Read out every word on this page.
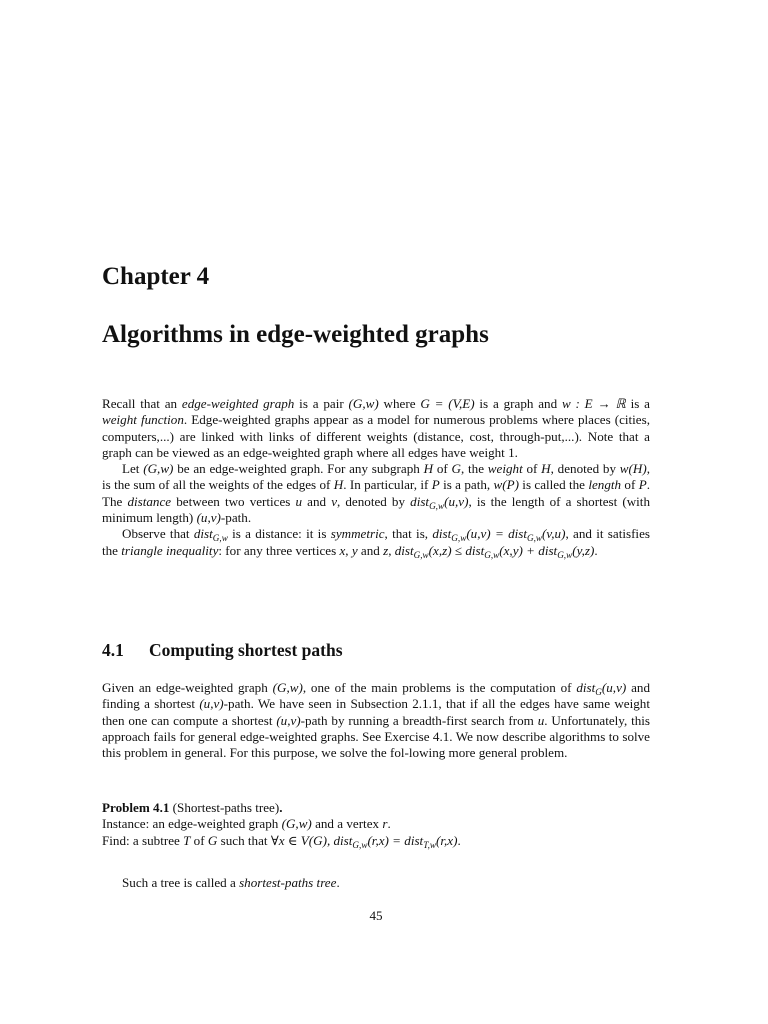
Chapter 4
Algorithms in edge-weighted graphs

Recall that an edge-weighted graph is a pair (G,w) where G = (V,E) is a graph and w : E → ℝ is a weight function. Edge-weighted graphs appear as a model for numerous problems where places (cities, computers,...) are linked with links of different weights (distance, cost, through-put,...). Note that a graph can be viewed as an edge-weighted graph where all edges have weight 1.

Let (G,w) be an edge-weighted graph. For any subgraph H of G, the weight of H, denoted by w(H), is the sum of all the weights of the edges of H. In particular, if P is a path, w(P) is called the length of P. The distance between two vertices u and v, denoted by dist$_{G,w}$(u,v), is the length of a shortest (with minimum length) (u,v)-path.

Observe that dist$_{G,w}$ is a distance: it is symmetric, that is, dist$_{G,w}$(u,v) = dist$_{G,w}$(v,u), and it satisfies the triangle inequality: for any three vertices x, y and z, dist$_{G,w}$(x,z) ≤ dist$_{G,w}$(x,y) + dist$_{G,w}$(y,z).

4.1 Computing shortest paths

Given an edge-weighted graph (G,w), one of the main problems is the computation of dist$_G$(u,v) and finding a shortest (u,v)-path. We have seen in Subsection 2.1.1, that if all the edges have same weight then one can compute a shortest (u,v)-path by running a breadth-first search from u. Unfortunately, this approach fails for general edge-weighted graphs. See Exercise 4.1. We now describe algorithms to solve this problem in general. For this purpose, we solve the fol-lowing more general problem.

Problem 4.1 (Shortest-paths tree).
Instance: an edge-weighted graph (G,w) and a vertex r.
Find: a subtree T of G such that ∀x ∈ V(G), dist$_{G,w}$(r,x) = dist$_{T,w}$(r,x).
Such a tree is called a shortest-paths tree.
45
